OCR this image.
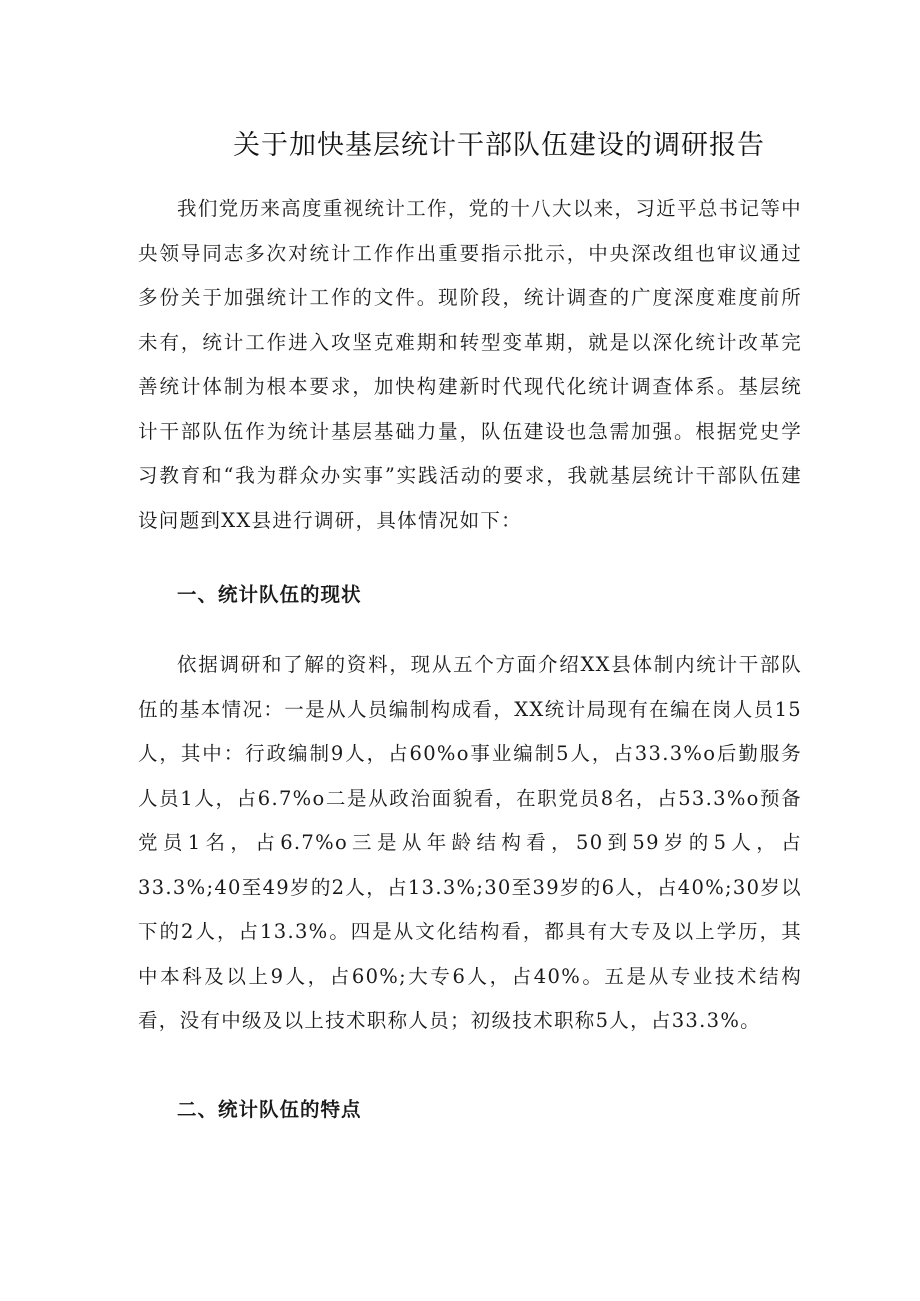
关于加快基层统计干部队伍建设的调研报告

我们党历来高度重视统计工作，党的十八大以来，习近平总书记等中央领导同志多次对统计工作作出重要指示批示，中央深改组也审议通过多份关于加强统计工作的文件。现阶段，统计调查的广度深度难度前所未有，统计工作进入攻坚克难期和转型变革期，就是以深化统计改革完善统计体制为根本要求，加快构建新时代现代化统计调查体系。基层统计干部队伍作为统计基层基础力量，队伍建设也急需加强。根据党史学习教育和“我为群众办实事”实践活动的要求，我就基层统计干部队伍建设问题到XX县进行调研，具体情况如下：

一、统计队伍的现状

依据调研和了解的资料，现从五个方面介绍XX县体制内统计干部队伍的基本情况：一是从人员编制构成看，XX统计局现有在编在岗人员15人，其中：行政编制9人，占60%o事业编制5人，占33.3%o后勤服务人员1人，占6.7%o二是从政治面貌看，在职党员8名，占53.3%o预备党员1名，占6.7%o三是从年龄结构看，50到59岁的5人，占33.3%;40至49岁的2人，占13.3%;30至39岁的6人，占40%;30岁以下的2人，占13.3%。四是从文化结构看，都具有大专及以上学历，其中本科及以上9人，占60%;大专6人，占40%。五是从专业技术结构看，没有中级及以上技术职称人员；初级技术职称5人，占33.3%。

二、统计队伍的特点
